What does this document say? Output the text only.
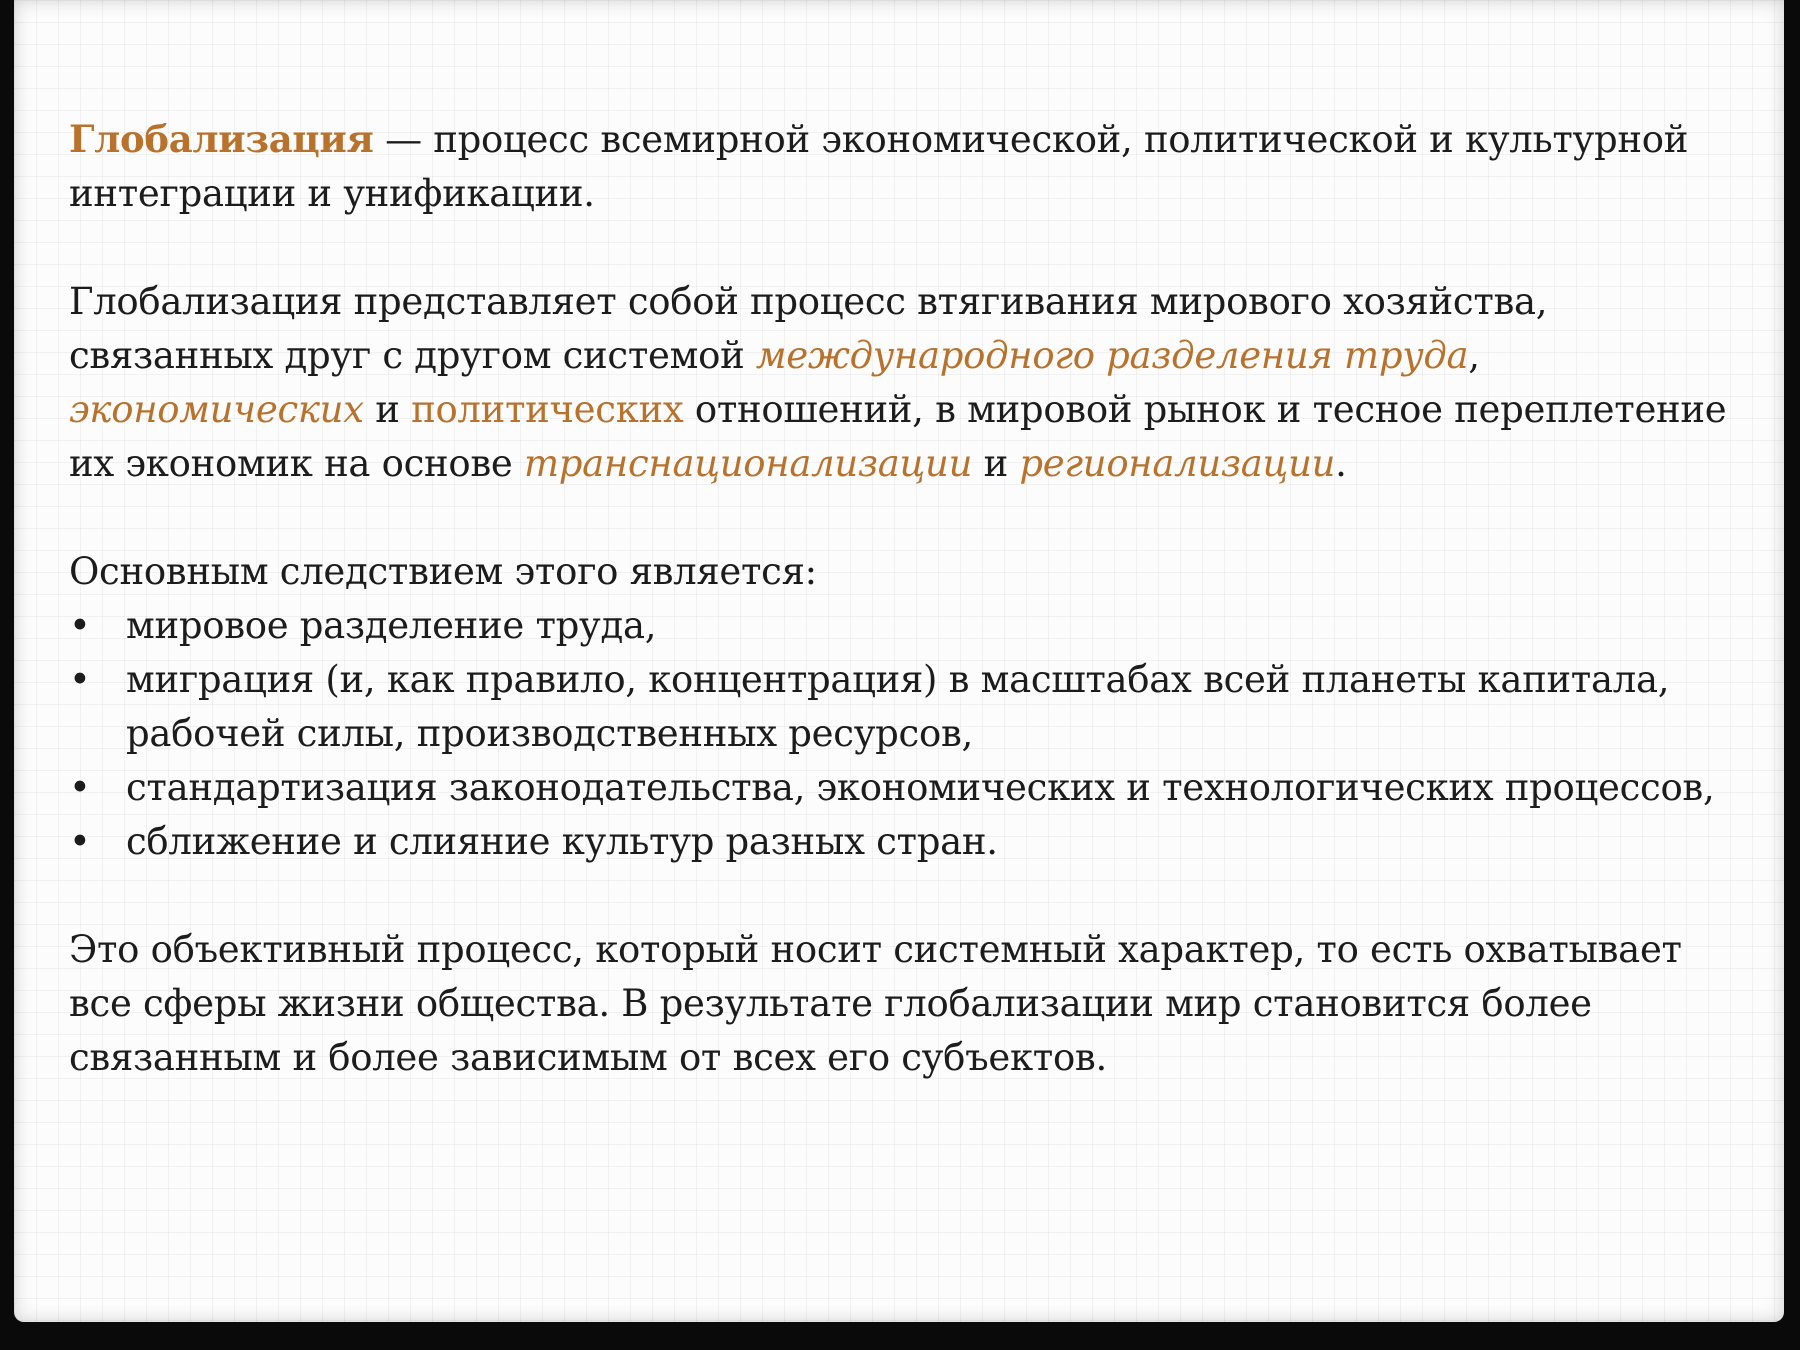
Глобализация — процесс всемирной экономической, политической и культурной интеграции и унификации.

Глобализация представляет собой процесс втягивания мирового хозяйства, связанных друг с другом системой международного разделения труда, экономических и политических отношений, в мировой рынок и тесное переплетение их экономик на основе транснационализации и регионализации.

Основным следствием этого является:

• мировое разделение труда,
• миграция (и, как правило, концентрация) в масштабах всей планеты капитала, рабочей силы, производственных ресурсов,
• стандартизация законодательства, экономических и технологических процессов,
• сближение и слияние культур разных стран.

Это объективный процесс, который носит системный характер, то есть охватывает все сферы жизни общества. В результате глобализации мир становится более связанным и более зависимым от всех его субъектов.
